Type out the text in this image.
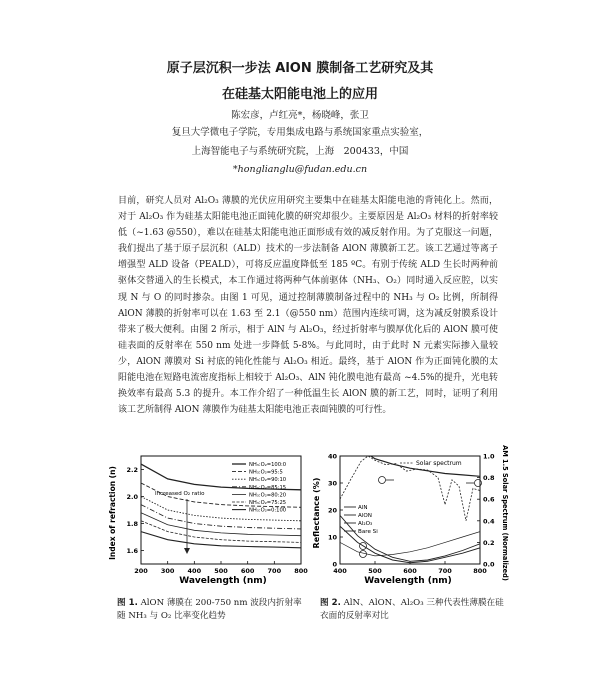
原子层沉积一步法 AlON 膜制备工艺研究及其
在硅基太阳能电池上的应用
陈宏彦，卢红亮*，杨晓峰，张卫
复旦大学微电子学院，专用集成电路与系统国家重点实验室，
上海智能电子与系统研究院，上海　200433，中国
*honglianglu@fudan.edu.cn

目前，研究人员对 Al₂O₃ 薄膜的光伏应用研究主要集中在硅基太阳能电池的背钝化上。然而，对于 Al₂O₃ 作为硅基太阳能电池正面钝化膜的研究却很少。主要原因是 Al₂O₃ 材料的折射率较低（~1.63 @550），难以在硅基太阳能电池正面形成有效的减反射作用。为了克服这一问题，我们提出了基于原子层沉积（ALD）技术的一步法制备 AlON 薄膜新工艺。该工艺通过等离子增强型 ALD 设备（PEALD），可将反应温度降低至 185 ºC。有别于传统 ALD 生长时两种前驱体交替通入的生长模式，本工作通过将两种气体前驱体（NH₃、O₂）同时通入反应腔，以实现 N 与 O 的同时掺杂。由图 1 可见，通过控制薄膜制备过程中的 NH₃ 与 O₂ 比例，所制得 AlON 薄膜的折射率可以在 1.63 至 2.1（@550 nm）范围内连续可调，这为减反射膜系设计带来了极大便利。由图 2 所示，相于 AlN 与 Al₂O₃，经过折射率与膜厚优化后的 AlON 膜可使硅表面的反射率在 550 nm 处进一步降低 5-8%。与此同时，由于此时 N 元素实际掺入量较少，AlON 薄膜对 Si 衬底的钝化性能与 Al₂O₃ 相近。最终，基于 AlON 作为正面钝化膜的太阳能电池在短路电流密度指标上相较于 Al₂O₃、AlN 钝化膜电池有最高 ~4.5%的提升，光电转换效率有最高 5.3 的提升。本工作介绍了一种低温生长 AlON 膜的新工艺，同时，证明了利用该工艺所制得 AlON 薄膜作为硅基太阳能电池正表面钝膜的可行性。

Index of refraction (n)
Wavelength (nm)
Increased O₂ ratio
200 300 400 500 600 700 800
1.6
1.8
2.0
2.2
NH₃:O₂=100:0
NH₃:O₂=95:5
NH₃:O₂=90:10
NH₃:O₂=85:15
NH₃:O₂=80:20
NH₃:O₂=75:25
NH₃:O₂=0:100	Reflectance (%)	AM 1.5 Solar Spectrum (Normalized)
Wavelength (nm)
400	500	600	700	800
0
10
20
30
40
0.0
0.2
0.4
0.6
0.8
1.0
Solar spectrum
AlN
AlON
Al₂O₃
Bare Si
图 1. AlON 薄膜在 200-750 nm 波段内折射率随 NH₃ 与 O₂ 比率变化趋势
图 2. AlN、AlON、Al₂O₃ 三种代表性薄膜在硅衣面的反射率对比
